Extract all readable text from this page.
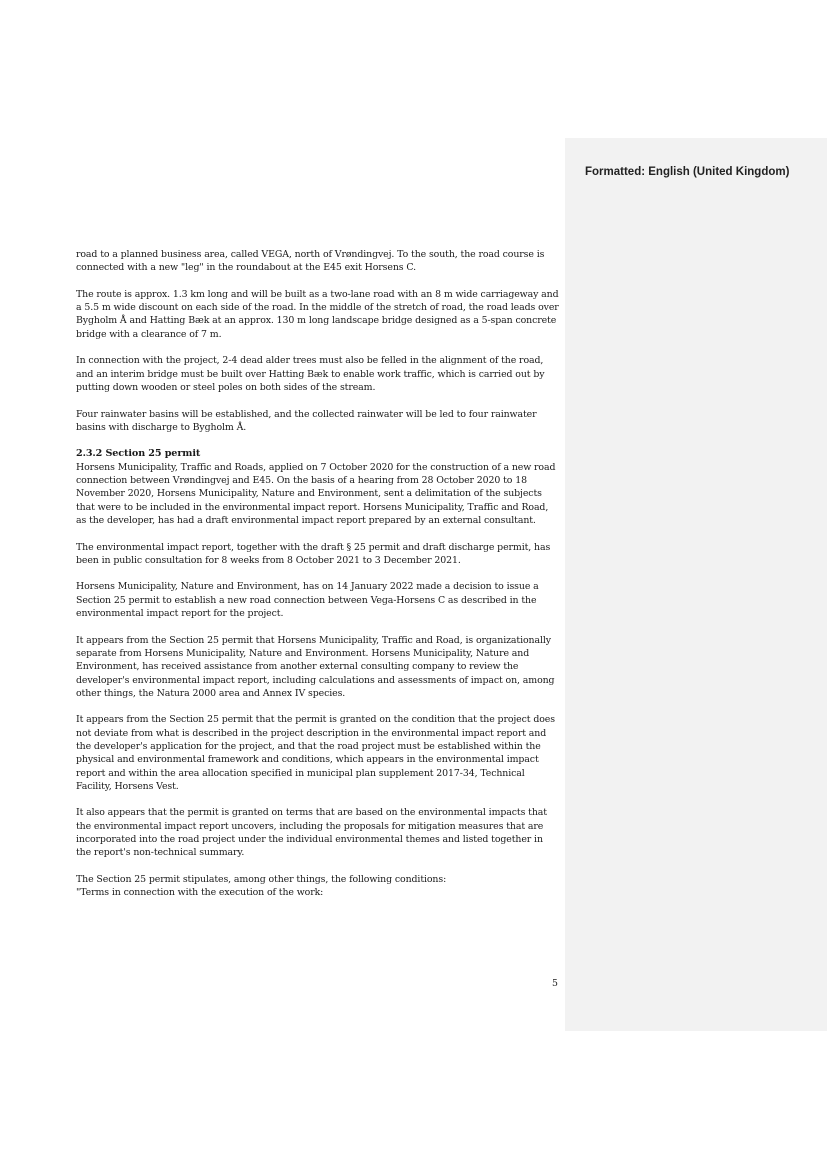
Formatted: English (United Kingdom)

road to a planned business area, called VEGA, north of Vrøndingvej. To the south, the road course is connected with a new "leg" in the roundabout at the E45 exit Horsens C.

The route is approx. 1.3 km long and will be built as a two-lane road with an 8 m wide carriageway and a 5.5 m wide discount on each side of the road. In the middle of the stretch of road, the road leads over Bygholm Å and Hatting Bæk at an approx. 130 m long landscape bridge designed as a 5-span concrete bridge with a clearance of 7 m.

In connection with the project, 2-4 dead alder trees must also be felled in the alignment of the road, and an interim bridge must be built over Hatting Bæk to enable work traffic, which is carried out by putting down wooden or steel poles on both sides of the stream.

Four rainwater basins will be established, and the collected rainwater will be led to four rainwater basins with discharge to Bygholm Å.

2.3.2 Section 25 permit

Horsens Municipality, Traffic and Roads, applied on 7 October 2020 for the construction of a new road connection between Vrøndingvej and E45. On the basis of a hearing from 28 October 2020 to 18 November 2020, Horsens Municipality, Nature and Environment, sent a delimitation of the subjects that were to be included in the environmental impact report. Horsens Municipality, Traffic and Road, as the developer, has had a draft environmental impact report prepared by an external consultant.

The environmental impact report, together with the draft § 25 permit and draft discharge permit, has been in public consultation for 8 weeks from 8 October 2021 to 3 December 2021.

Horsens Municipality, Nature and Environment, has on 14 January 2022 made a decision to issue a Section 25 permit to establish a new road connection between Vega-Horsens C as described in the environmental impact report for the project.

It appears from the Section 25 permit that Horsens Municipality, Traffic and Road, is organizationally separate from Horsens Municipality, Nature and Environment. Horsens Municipality, Nature and Environment, has received assistance from another external consulting company to review the developer's environmental impact report, including calculations and assessments of impact on, among other things, the Natura 2000 area and Annex IV species.

It appears from the Section 25 permit that the permit is granted on the condition that the project does not deviate from what is described in the project description in the environmental impact report and the developer's application for the project, and that the road project must be established within the physical and environmental framework and conditions, which appears in the environmental impact report and within the area allocation specified in municipal plan supplement 2017-34, Technical Facility, Horsens Vest.

It also appears that the permit is granted on terms that are based on the environmental impacts that the environmental impact report uncovers, including the proposals for mitigation measures that are incorporated into the road project under the individual environmental themes and listed together in the report's non-technical summary.

The Section 25 permit stipulates, among other things, the following conditions:
"Terms in connection with the execution of the work:

5
